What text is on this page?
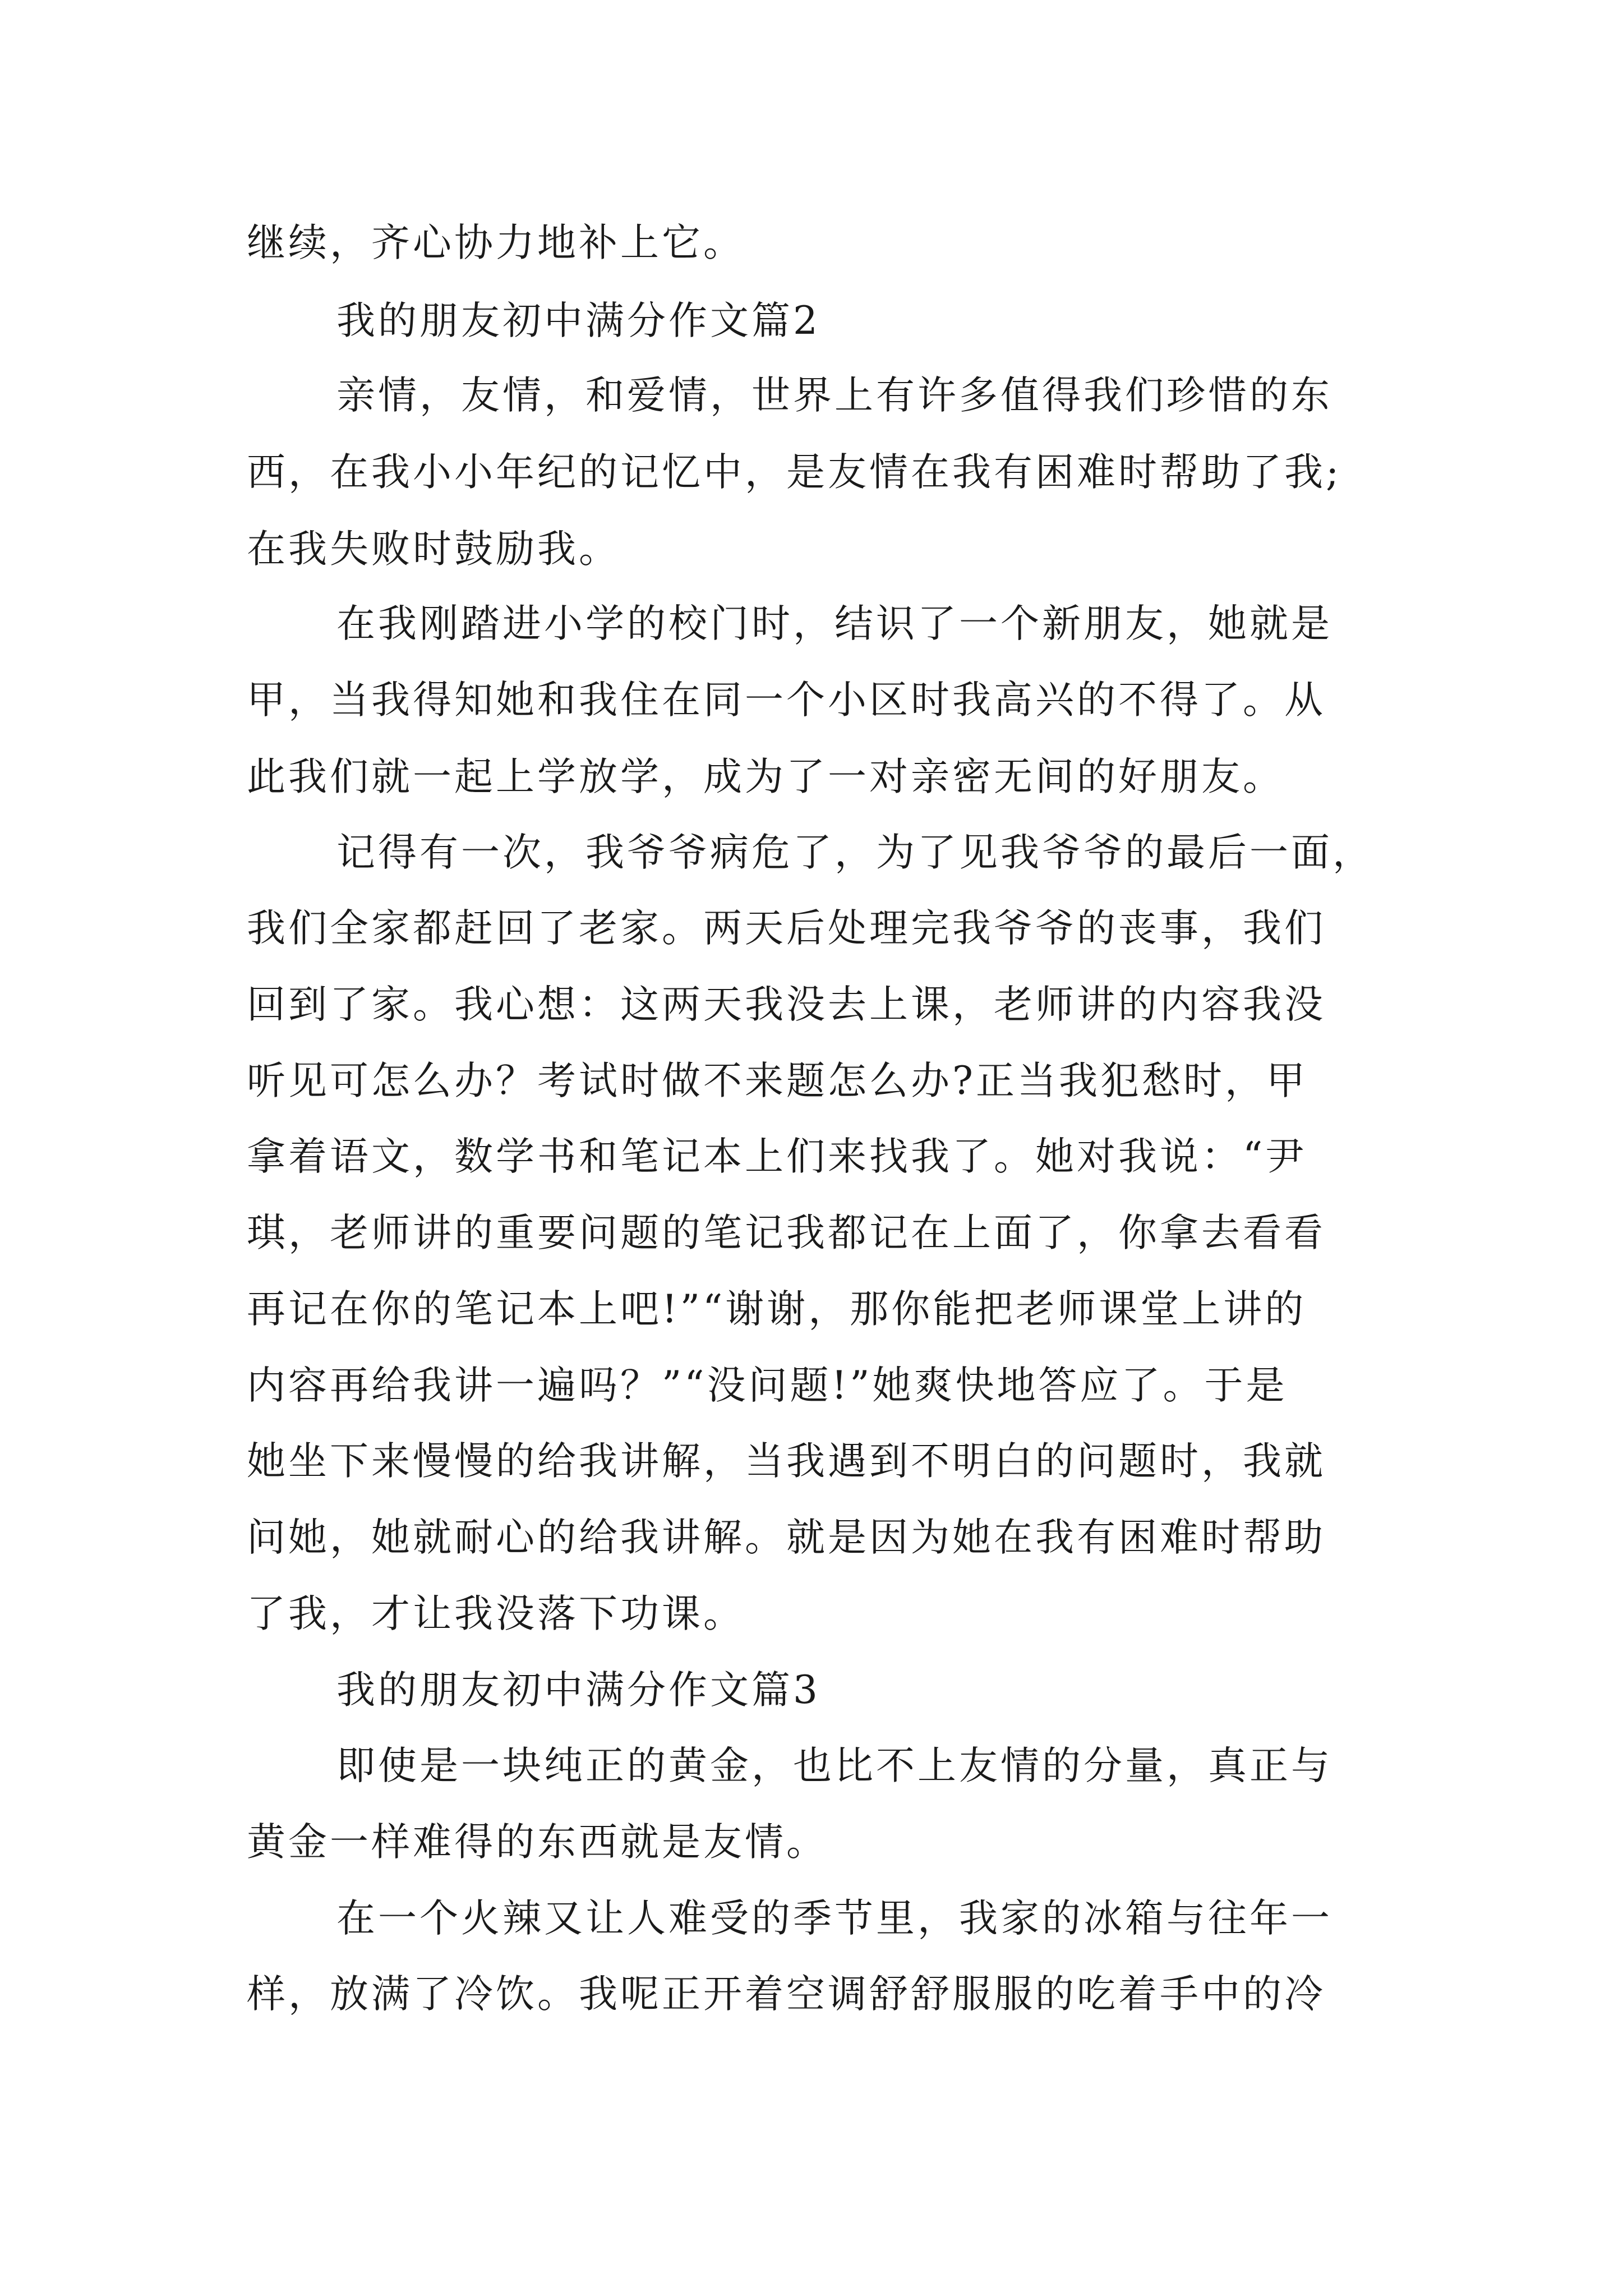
继续，齐心协力地补上它。
我的朋友初中满分作文篇2
亲情，友情，和爱情，世界上有许多值得我们珍惜的东
西，在我小小年纪的记忆中，是友情在我有困难时帮助了我;
在我失败时鼓励我。
在我刚踏进小学的校门时，结识了一个新朋友，她就是
甲，当我得知她和我住在同一个小区时我高兴的不得了。从
此我们就一起上学放学，成为了一对亲密无间的好朋友。
记得有一次，我爷爷病危了，为了见我爷爷的最后一面，
我们全家都赶回了老家。两天后处理完我爷爷的丧事，我们
回到了家。我心想：这两天我没去上课，老师讲的内容我没
听见可怎么办？考试时做不来题怎么办?正当我犯愁时，甲
拿着语文，数学书和笔记本上们来找我了。她对我说：“尹
琪，老师讲的重要问题的笔记我都记在上面了，你拿去看看
再记在你的笔记本上吧!”“谢谢，那你能把老师课堂上讲的
内容再给我讲一遍吗？”“没问题!”她爽快地答应了。于是
她坐下来慢慢的给我讲解，当我遇到不明白的问题时，我就
问她，她就耐心的给我讲解。就是因为她在我有困难时帮助
了我，才让我没落下功课。
我的朋友初中满分作文篇3
即使是一块纯正的黄金，也比不上友情的分量，真正与
黄金一样难得的东西就是友情。
在一个火辣又让人难受的季节里，我家的冰箱与往年一
样，放满了冷饮。我呢正开着空调舒舒服服的吃着手中的冷
